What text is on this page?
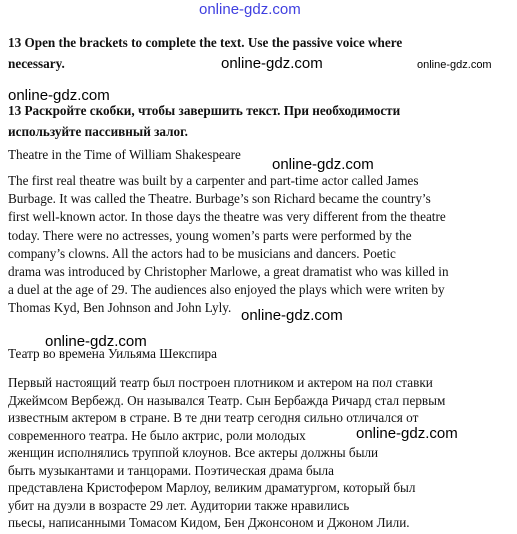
online-gdz.com
online-gdz.com	online-gdz.com
online-gdz.com
online-gdz.com
online-gdz.com
online-gdz.com
online-gdz.com
13 Open the brackets to complete the text. Use the passive voice where
necessary.
13 Раскройте скобки, чтобы завершить текст. При необходимости
используйте пассивный залог.
Theatre in the Time of William Shakespeare
The first real theatre was built by a carpenter and part-time actor called James
Burbage. It was called the Theatre. Burbage’s son Richard became the country’s
first well-known actor. In those days the theatre was very different from the theatre
today. There were no actresses, young women’s parts were performed by the
company’s clowns. All the actors had to be musicians and dancers. Poetic
drama was introduced by Christopher Marlowe, a great dramatist who was killed in
a duel at the age of 29. The audiences also enjoyed the plays which were writen by
Thomas Kyd, Ben Johnson and John Lyly.
Театр во времена Уильяма Шекспира
Первый настоящий театр был построен плотником и актером на пол ставки
Джеймсом Вербежд. Он назывался Театр. Сын Бербажда Ричард стал первым
известным актером в стране. В те дни театр сегодня сильно отличался от
современного театра. Не было актрис, роли молодых
женщин исполнялись труппой клоунов. Все актеры должны были
быть музыкантами и танцорами. Поэтическая драма была
представлена Кристофером Марлоу, великим драматургом, который был
убит на дуэли в возрасте 29 лет. Аудитории также нравились
пьесы, написанными Томасом Кидом, Бен Джонсоном и Джоном Лили.
